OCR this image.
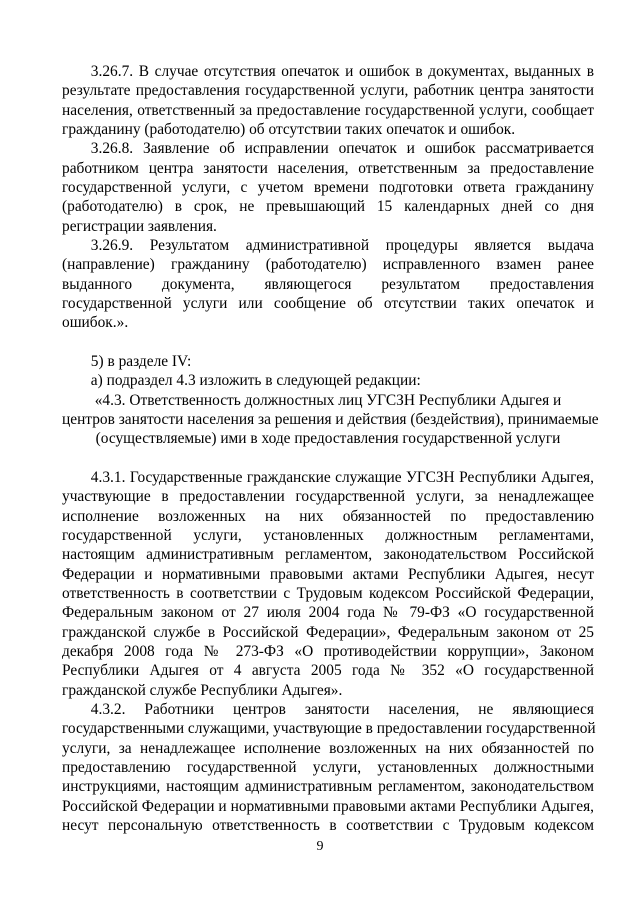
3.26.7. В случае отсутствия опечаток и ошибок в документах, выданных в
результате предоставления государственной услуги, работник центра занятости
населения, ответственный за предоставление государственной услуги, сообщает
гражданину (работодателю) об отсутствии таких опечаток и ошибок.
3.26.8. Заявление об исправлении опечаток и ошибок рассматривается
работником центра занятости населения, ответственным за предоставление
государственной услуги, с учетом времени подготовки ответа гражданину
(работодателю) в срок, не превышающий 15 календарных дней со дня
регистрации заявления.
3.26.9. Результатом административной процедуры является выдача
(направление) гражданину (работодателю) исправленного взамен ранее
выданного документа, являющегося результатом предоставления
государственной услуги или сообщение об отсутствии таких опечаток и
ошибок.».
5) в разделе IV:
а) подраздел 4.3 изложить в следующей редакции:
«4.3. Ответственность должностных лиц УГСЗН Республики Адыгея и
центров занятости населения за решения и действия (бездействия), принимаемые
(осуществляемые) ими в ходе предоставления государственной услуги
4.3.1. Государственные гражданские служащие УГСЗН Республики Адыгея,
участвующие в предоставлении государственной услуги, за ненадлежащее
исполнение возложенных на них обязанностей по предоставлению
государственной услуги, установленных должностным регламентами,
настоящим административным регламентом, законодательством Российской
Федерации и нормативными правовыми актами Республики Адыгея, несут
ответственность в соответствии с Трудовым кодексом Российской Федерации,
Федеральным законом от 27 июля 2004 года № 79-ФЗ «О государственной
гражданской службе в Российской Федерации», Федеральным законом от 25
декабря 2008 года № 273-ФЗ «О противодействии коррупции», Законом
Республики Адыгея от 4 августа 2005 года № 352 «О государственной
гражданской службе Республики Адыгея».
4.3.2. Работники центров занятости населения, не являющиеся
государственными служащими, участвующие в предоставлении государственной
услуги, за ненадлежащее исполнение возложенных на них обязанностей по
предоставлению государственной услуги, установленных должностными
инструкциями, настоящим административным регламентом, законодательством
Российской Федерации и нормативными правовыми актами Республики Адыгея,
несут персональную ответственность в соответствии с Трудовым кодексом
9
